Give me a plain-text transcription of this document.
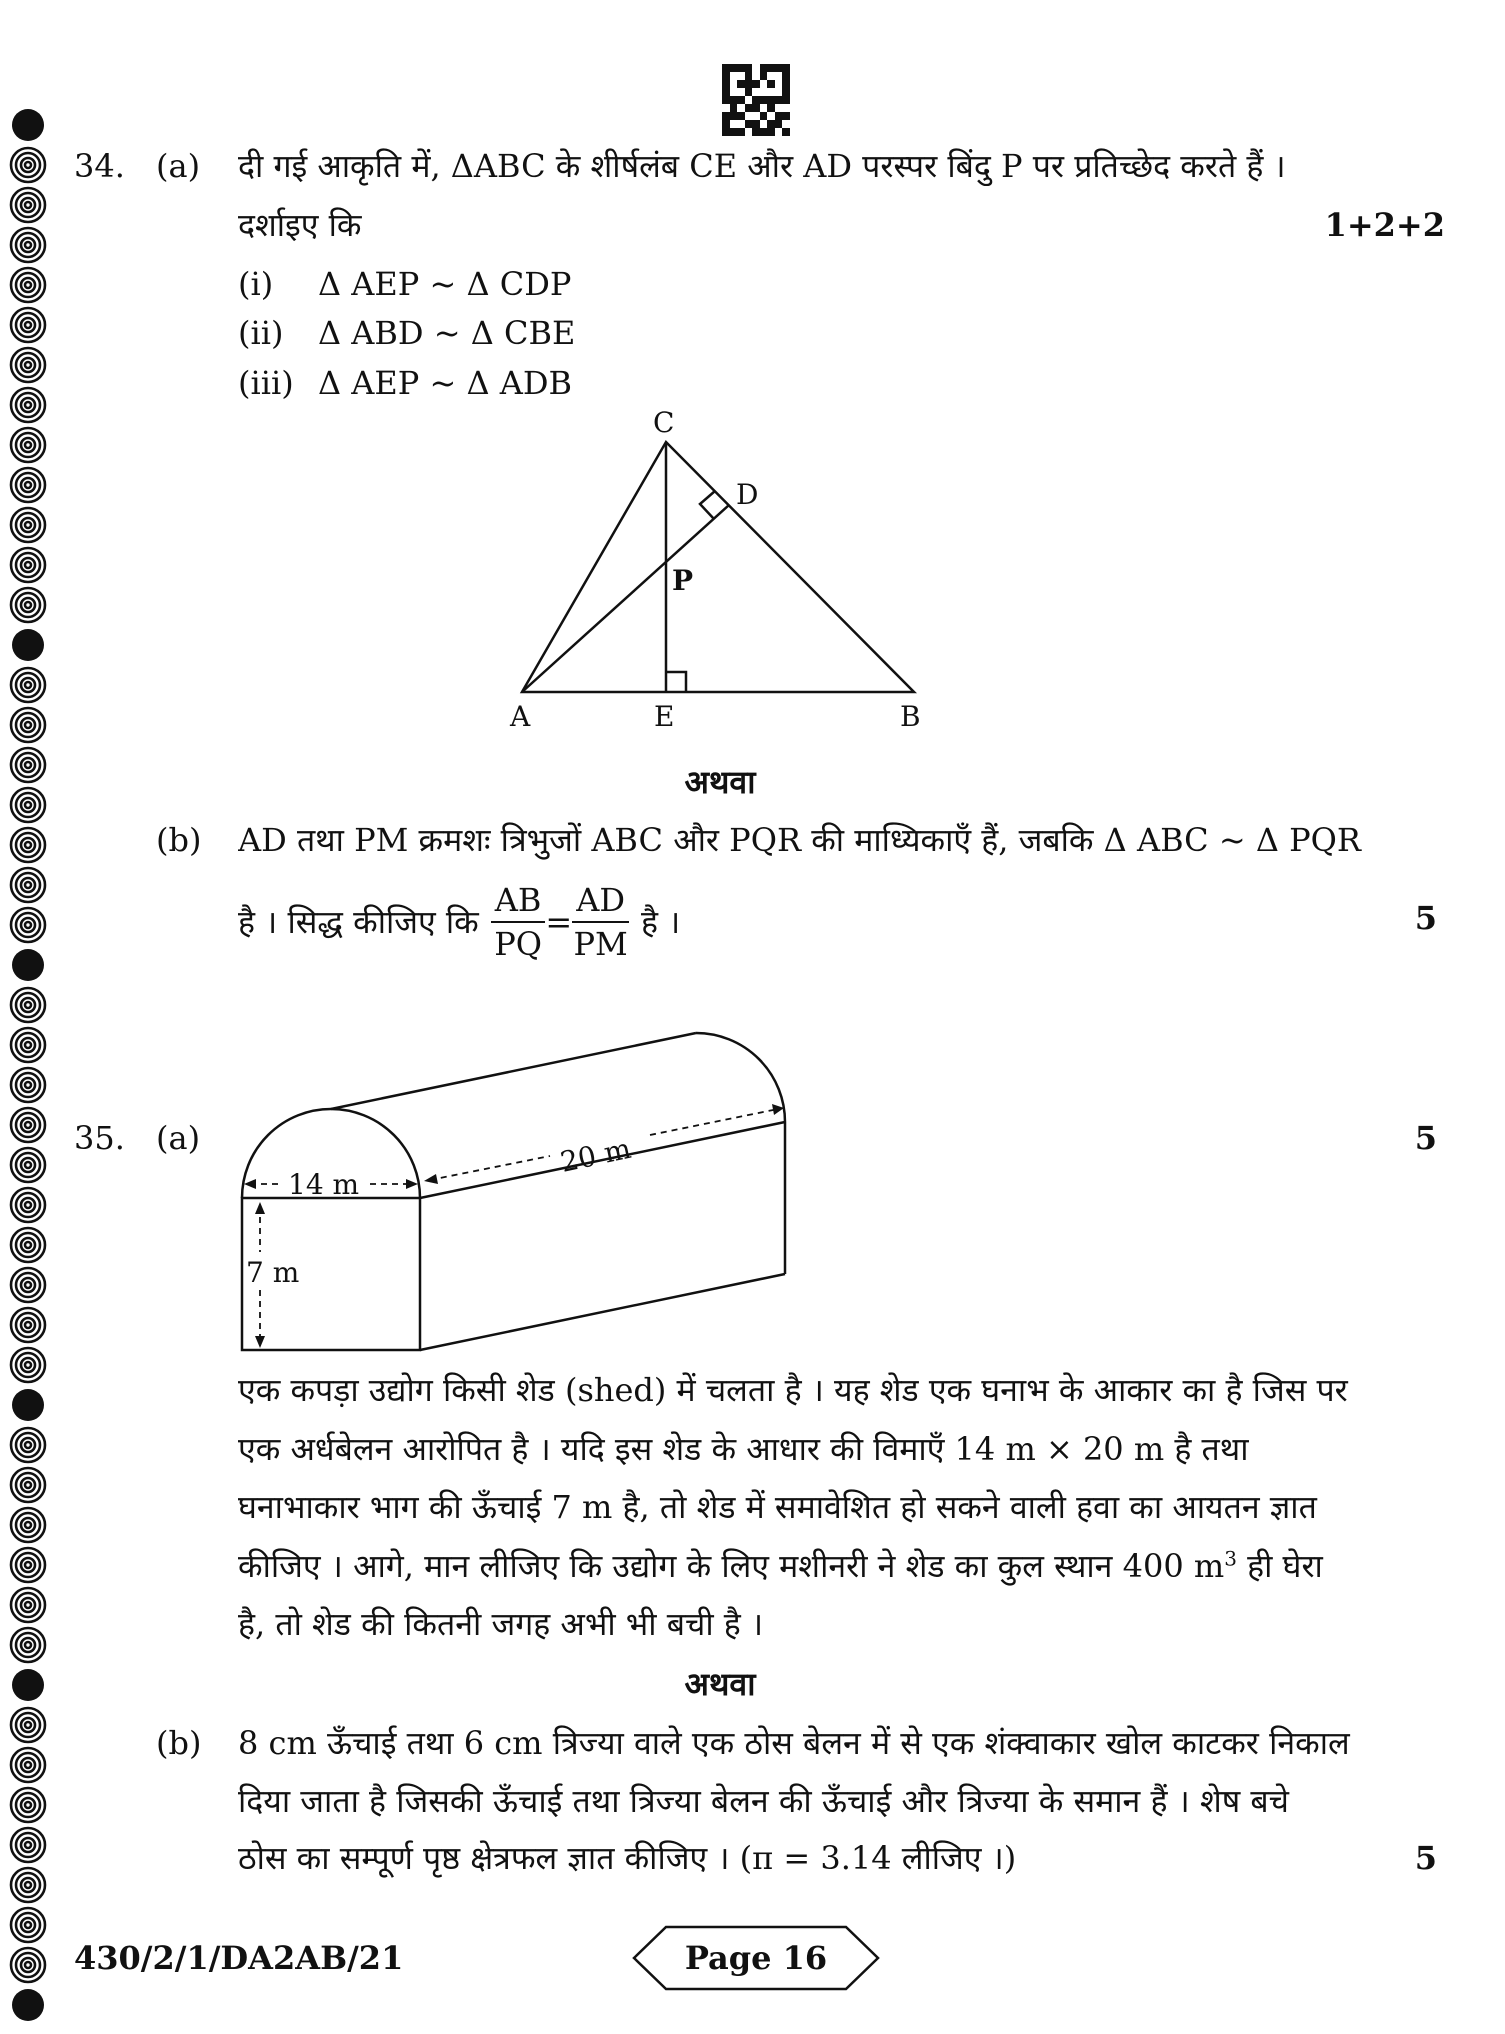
34. (a) दी गई आकृति में, ΔABC के शीर्षलंब CE और AD परस्पर बिंदु P पर प्रतिच्छेद करते हैं ।
दर्शाइए कि	1+2+2
(i) Δ AEP ~ Δ CDP
(ii) Δ ABD ~ Δ CBE
(iii) Δ AEP ~ Δ ADB
C
D
P
A	E	B
अथवा
(b) AD तथा PM क्रमशः त्रिभुजों ABC और PQR की माध्यिकाएँ हैं, जबकि Δ ABC ~ Δ PQR
है । सिद्ध कीजिए कि $\frac{AB}{PQ} = \frac{AD}{PM}$ है ।	5
35. (a)	5
14 m
7 m
20 m
एक कपड़ा उद्योग किसी शेड (shed) में चलता है । यह शेड एक घनाभ के आकार का है जिस पर
एक अर्धबेलन आरोपित है । यदि इस शेड के आधार की विमाएँ 14 m × 20 m है तथा
घनाभाकार भाग की ऊँचाई 7 m है, तो शेड में समावेशित हो सकने वाली हवा का आयतन ज्ञात
कीजिए । आगे, मान लीजिए कि उद्योग के लिए मशीनरी ने शेड का कुल स्थान 400 $m^3$ ही घेरा
है, तो शेड की कितनी जगह अभी भी बची है ।
अथवा
(b) 8 cm ऊँचाई तथा 6 cm त्रिज्या वाले एक ठोस बेलन में से एक शंक्वाकार खोल काटकर निकाल
दिया जाता है जिसकी ऊँचाई तथा त्रिज्या बेलन की ऊँचाई और त्रिज्या के समान हैं । शेष बचे
ठोस का सम्पूर्ण पृष्ठ क्षेत्रफल ज्ञात कीजिए । (π = 3.14 लीजिए ।)	5
430/2/1/DA2AB/21	Page 16
